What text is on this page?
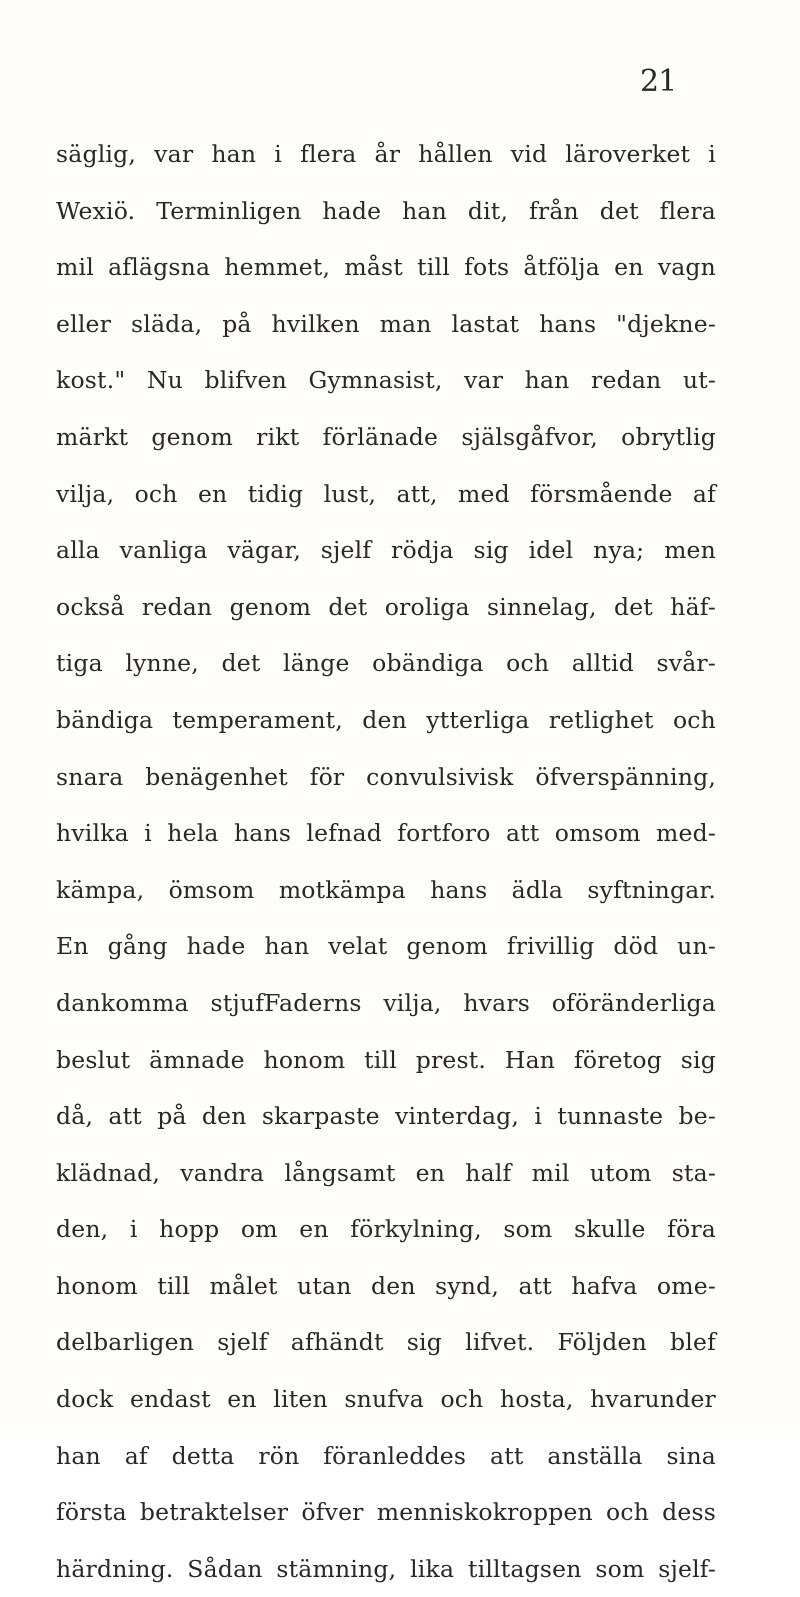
21
säglig, var han i flera år hållen vid läroverket i
Wexiö. Terminligen hade han dit, från det flera
mil aflägsna hemmet, måst till fots åtfölja en vagn
eller släda, på hvilken man lastat hans "djekne-
kost." Nu blifven Gymnasist, var han redan ut-
märkt genom rikt förlänade själsgåfvor, obrytlig
vilja, och en tidig lust, att, med försmående af
alla vanliga vägar, sjelf rödja sig idel nya; men
också redan genom det oroliga sinnelag, det häf-
tiga lynne, det länge obändiga och alltid svår-
bändiga temperament, den ytterliga retlighet och
snara benägenhet för convulsivisk öfverspänning,
hvilka i hela hans lefnad fortforo att omsom med-
kämpa, ömsom motkämpa hans ädla syftningar.
En gång hade han velat genom frivillig död un-
dankomma stjufFaderns vilja, hvars oföränderliga
beslut ämnade honom till prest. Han företog sig
då, att på den skarpaste vinterdag, i tunnaste be-
klädnad, vandra långsamt en half mil utom sta-
den, i hopp om en förkylning, som skulle föra
honom till målet utan den synd, att hafva ome-
delbarligen sjelf afhändt sig lifvet. Följden blef
dock endast en liten snufva och hosta, hvarunder
han af detta rön föranleddes att anställa sina
första betraktelser öfver menniskokroppen och dess
härdning. Sådan stämning, lika tilltagsen som sjelf-
